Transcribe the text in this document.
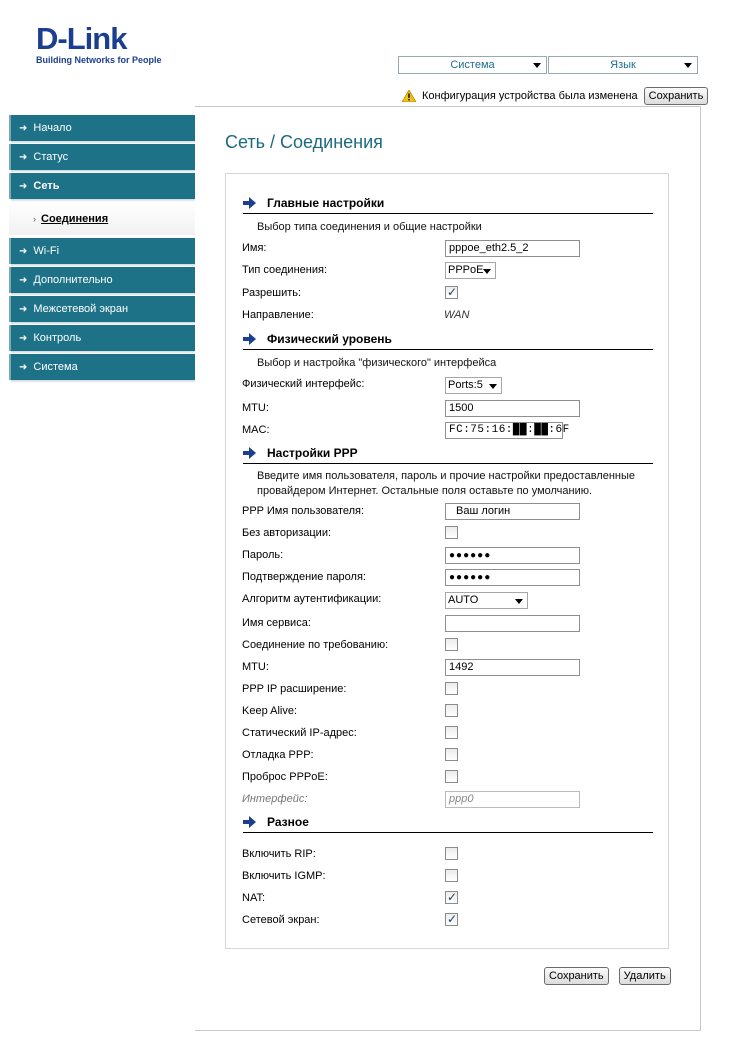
D-Link
Building Networks for People	Система	Язык
Конфигурация устройства была изменена	Сохранить
➜ Начало
➜ Статус
➜ Сеть
› Соединения
➜ Wi-Fi
➜ Дополнительно
➜ Межсетевой экран
➜ Контроль
➜ Система
Сеть / Соединения
Главные настройки
Выбор типа соединения и общие настройки
Имя:	pppoe_eth2.5_2
Тип соединения:	PPPoE
Разрешить:
✓
Направление:	WAN
Физический уровень
Выбор и настройка "физического" интерфейса
Физический интерфейс:	Ports:5
MTU:	1500
MAC:	FC:75:16:██:██:6F
Настройки PPP
Введите имя пользователя, пароль и прочие настройки предоставленные провайдером Интернет. Остальные поля оставьте по умолчанию.
PPP Имя пользователя:	Ваш логин
Без авторизации:
Пароль:	●●●●●●
Подтверждение пароля:	●●●●●●
Алгоритм аутентификации:	AUTO
Имя сервиса:
Соединение по требованию:
MTU:	1492
PPP IP расширение:
Keep Alive:
Статический IP-адрес:
Отладка PPP:
Проброс PPPoE:
Интерфейс:	ppp0
Разное
Включить RIP:
Включить IGMP:
NAT:
✓
Сетевой экран:
✓
Сохранить	Удалить
